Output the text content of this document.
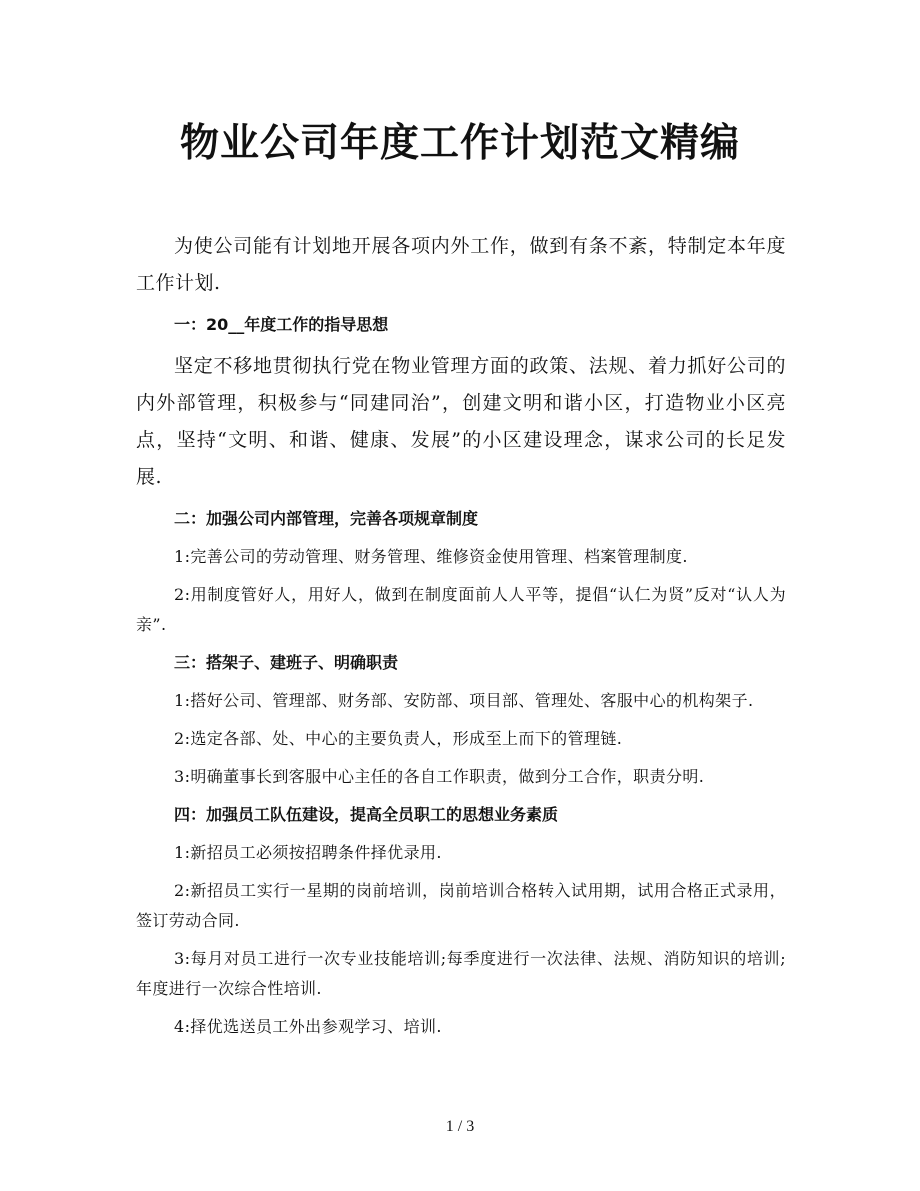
物业公司年度工作计划范文精编

为使公司能有计划地开展各项内外工作，做到有条不紊，特制定本年度工作计划.

一：20__年度工作的指导思想

坚定不移地贯彻执行党在物业管理方面的政策、法规、着力抓好公司的内外部管理，积极参与“同建同治”，创建文明和谐小区，打造物业小区亮点，坚持“文明、和谐、健康、发展”的小区建设理念，谋求公司的长足发展.

二：加强公司内部管理，完善各项规章制度

1:完善公司的劳动管理、财务管理、维修资金使用管理、档案管理制度.

2:用制度管好人，用好人，做到在制度面前人人平等，提倡“认仁为贤”反对“认人为亲”.

三：搭架子、建班子、明确职责

1:搭好公司、管理部、财务部、安防部、项目部、管理处、客服中心的机构架子.

2:选定各部、处、中心的主要负责人，形成至上而下的管理链.

3:明确董事长到客服中心主任的各自工作职责，做到分工合作，职责分明.

四：加强员工队伍建设，提高全员职工的思想业务素质

1:新招员工必须按招聘条件择优录用.

2:新招员工实行一星期的岗前培训，岗前培训合格转入试用期，试用合格正式录用，签订劳动合同.

3:每月对员工进行一次专业技能培训;每季度进行一次法律、法规、消防知识的培训;年度进行一次综合性培训.

4:择优选送员工外出参观学习、培训.

1 / 3
